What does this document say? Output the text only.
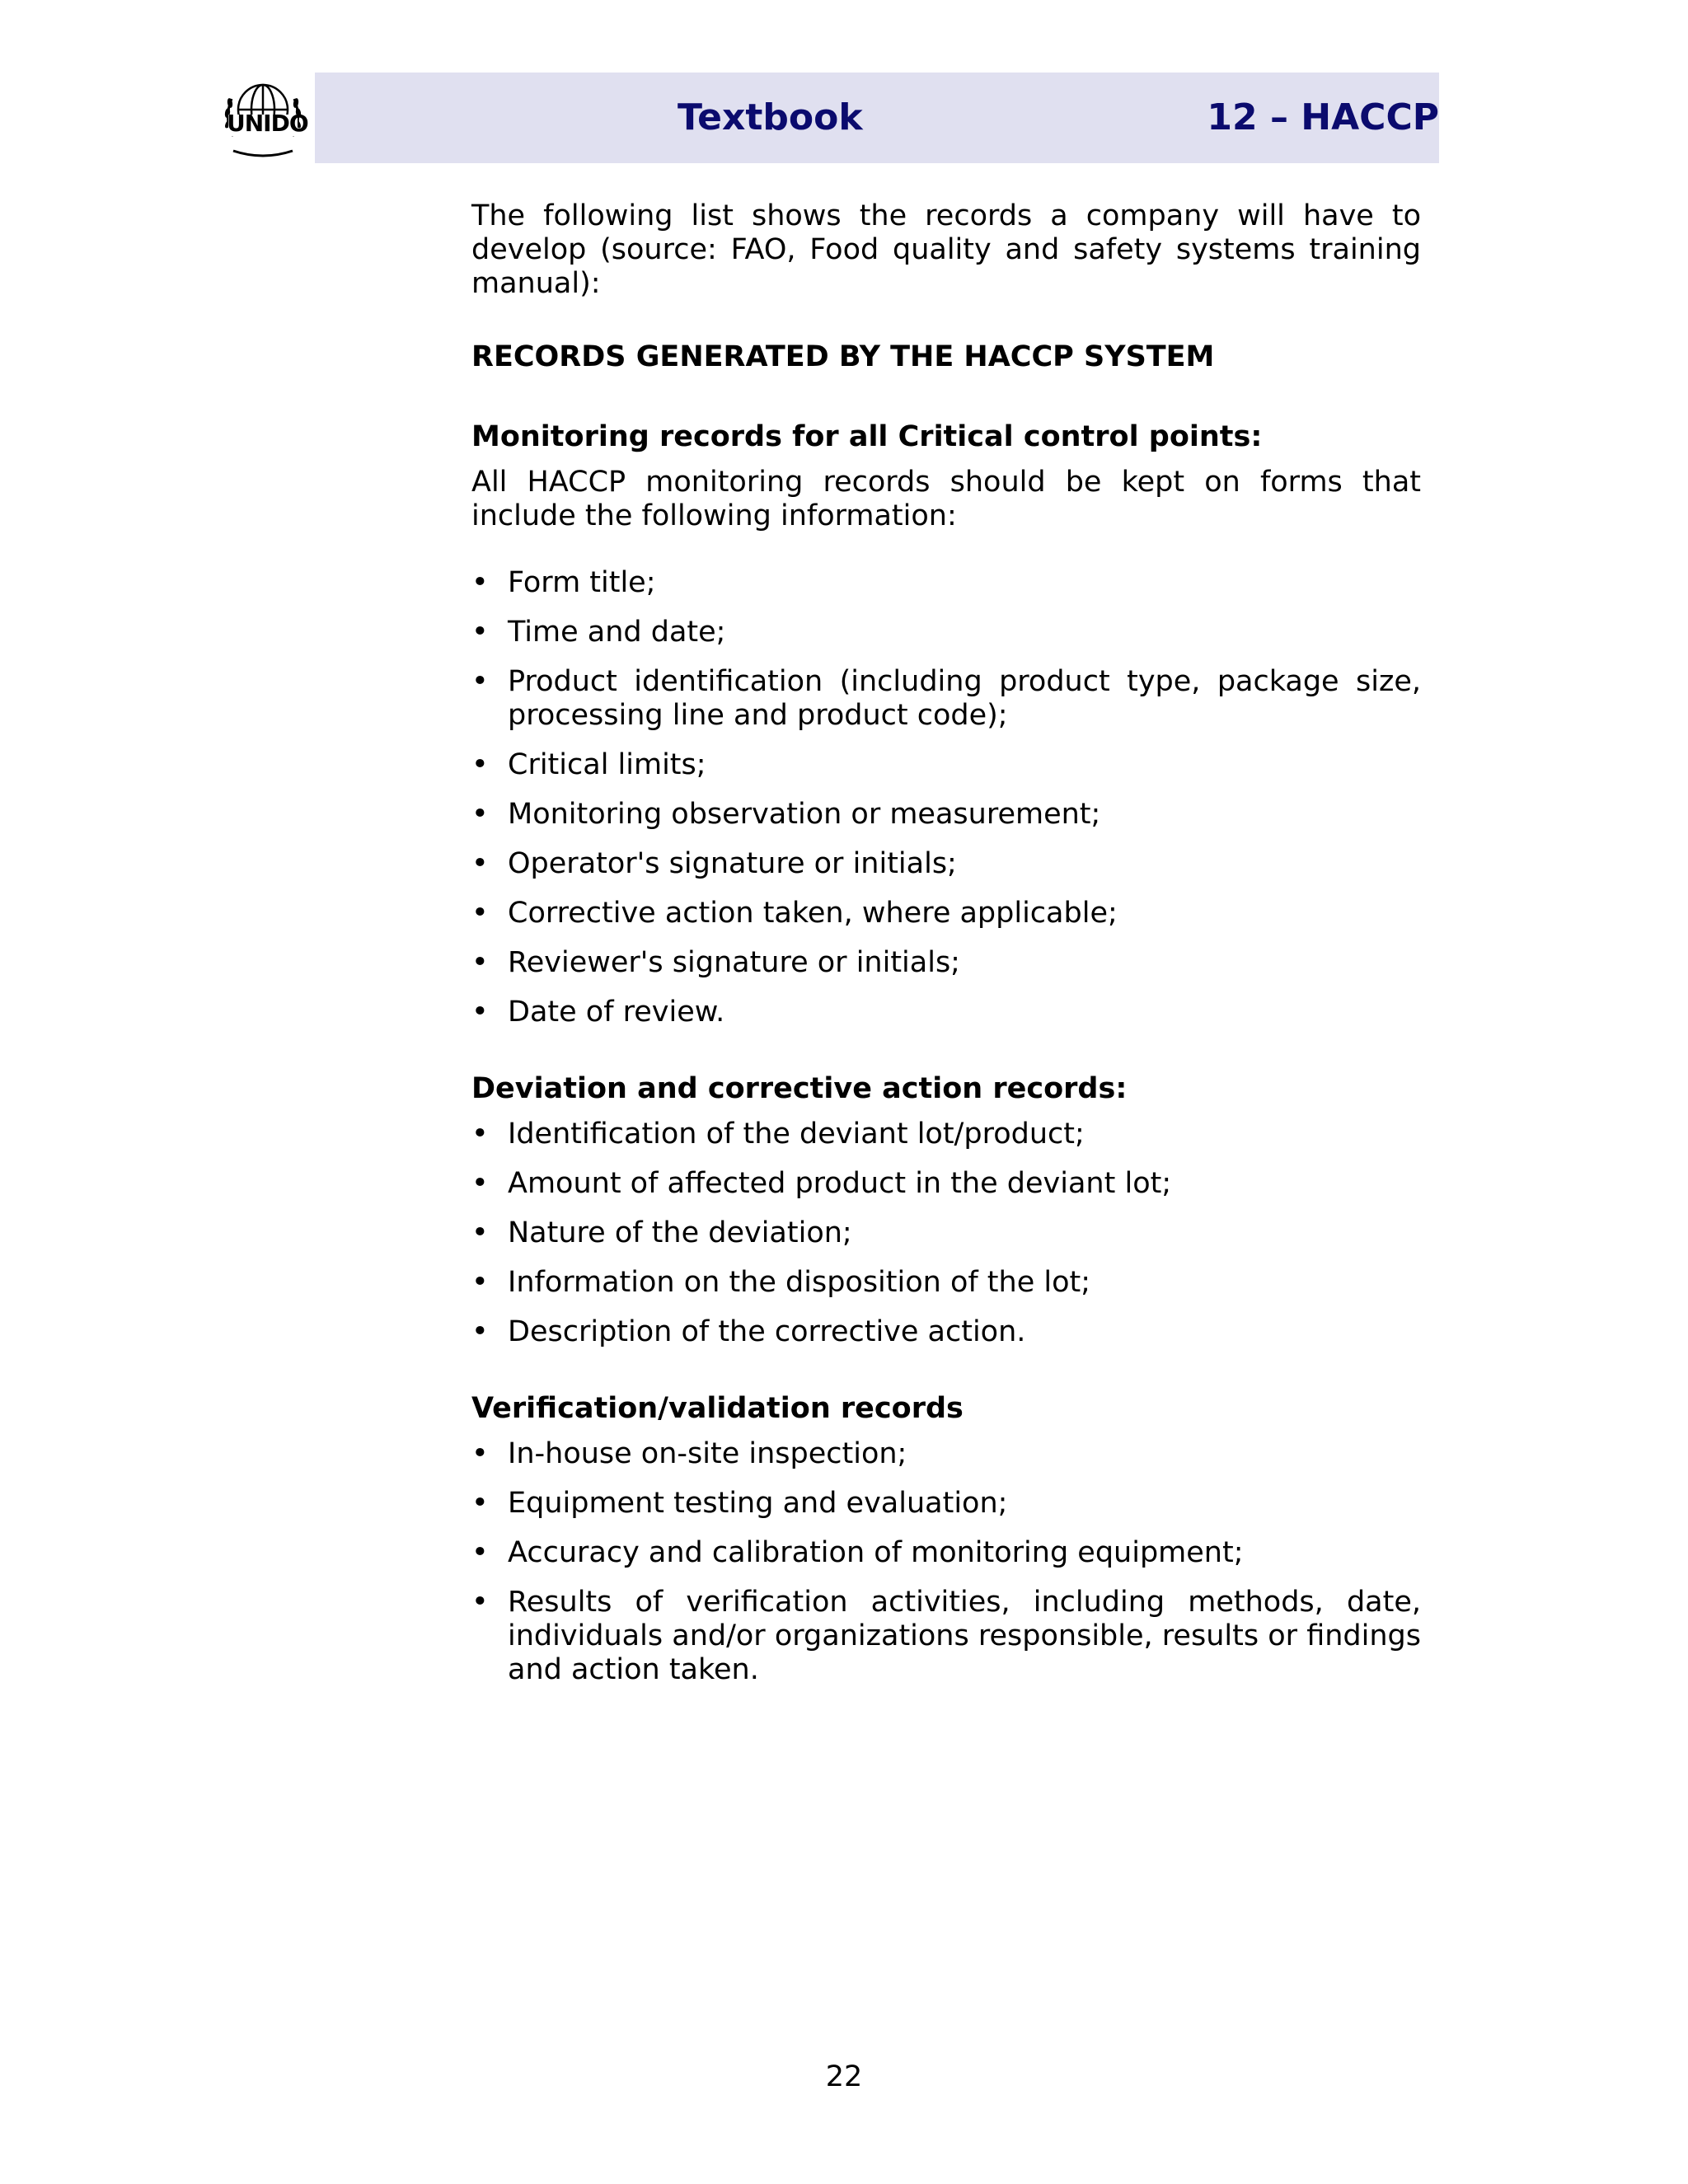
UNIDO	Textbook	12 – HACCP

The following list shows the records a company will have to develop (source: FAO, Food quality and safety systems training manual):

RECORDS GENERATED BY THE HACCP SYSTEM

Monitoring records for all Critical control points:

All HACCP monitoring records should be kept on forms that include the following information:

• Form title;
• Time and date;
• Product identification (including product type, package size, processing line and product code);
• Critical limits;
• Monitoring observation or measurement;
• Operator's signature or initials;
• Corrective action taken, where applicable;
• Reviewer's signature or initials;
• Date of review.

Deviation and corrective action records:

• Identification of the deviant lot/product;
• Amount of affected product in the deviant lot;
• Nature of the deviation;
• Information on the disposition of the lot;
• Description of the corrective action.

Verification/validation records

• In-house on-site inspection;
• Equipment testing and evaluation;
• Accuracy and calibration of monitoring equipment;
• Results of verification activities, including methods, date, individuals and/or organizations responsible, results or findings and action taken.
22
